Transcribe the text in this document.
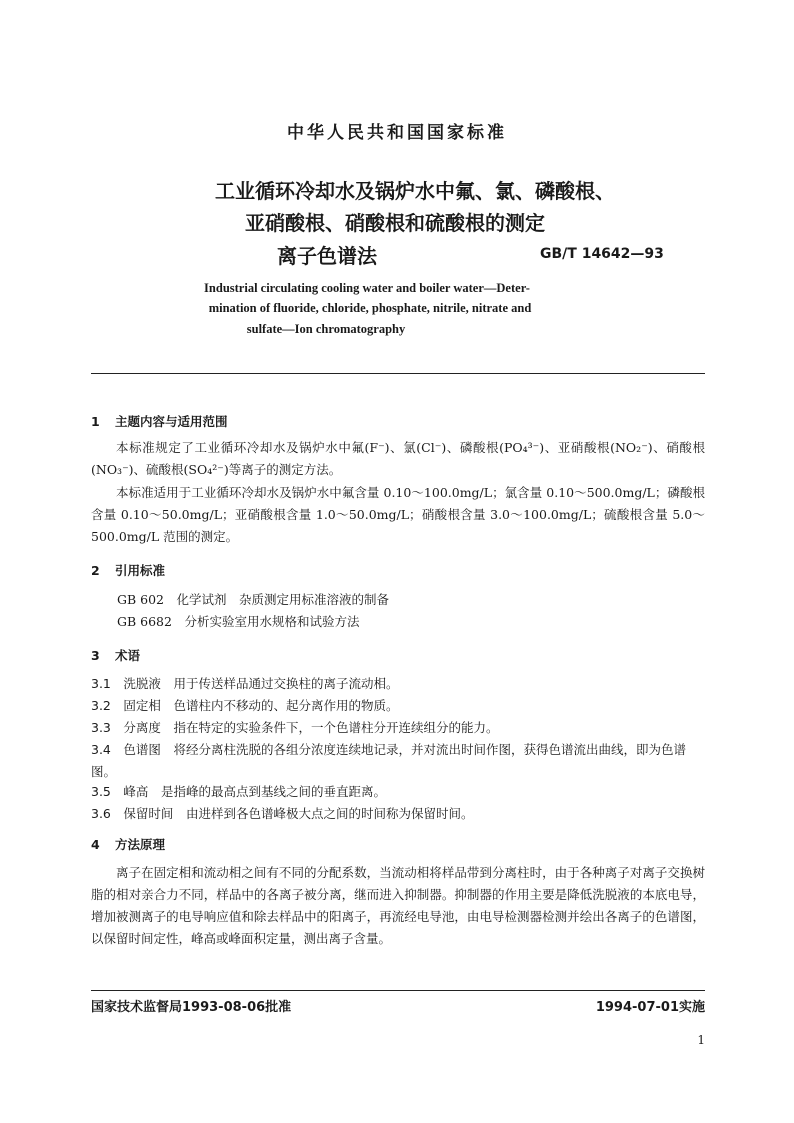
中华人民共和国国家标准
工业循环冷却水及锅炉水中氟、氯、磷酸根、
亚硝酸根、硝酸根和硫酸根的测定
离子色谱法	GB/T 14642—93
Industrial circulating cooling water and boiler water—Deter-
mination of fluoride, chloride, phosphate, nitrile, nitrate and
sulfate—Ion chromatography
1 主题内容与适用范围
本标准规定了工业循环冷却水及锅炉水中氟(F⁻)、氯(Cl⁻)、磷酸根(PO₄³⁻)、亚硝酸根(NO₂⁻)、硝酸根(NO₃⁻)、硫酸根(SO₄²⁻)等离子的测定方法。
本标准适用于工业循环冷却水及锅炉水中氟含量 0.10～100.0mg/L；氯含量 0.10～500.0mg/L；磷酸根含量 0.10～50.0mg/L；亚硝酸根含量 1.0～50.0mg/L；硝酸根含量 3.0～100.0mg/L；硫酸根含量 5.0～500.0mg/L 范围的测定。
2 引用标准
GB 602　化学试剂　杂质测定用标准溶液的制备
GB 6682　分析实验室用水规格和试验方法
3 术语
3.1　 洗脱液　 用于传送样品通过交换柱的离子流动相。
3.2　 固定相　 色谱柱内不移动的、起分离作用的物质。
3.3　 分离度　 指在特定的实验条件下，一个色谱柱分开连续组分的能力。
3.4　 色谱图　 将经分离柱洗脱的各组分浓度连续地记录，并对流出时间作图，获得色谱流出曲线，即为色谱图。
3.5　 峰高　 是指峰的最高点到基线之间的垂直距离。
3.6　 保留时间　 由进样到各色谱峰极大点之间的时间称为保留时间。
4 方法原理
离子在固定相和流动相之间有不同的分配系数，当流动相将样品带到分离柱时，由于各种离子对离子交换树脂的相对亲合力不同，样品中的各离子被分离，继而进入抑制器。抑制器的作用主要是降低洗脱液的本底电导，增加被测离子的电导响应值和除去样品中的阳离子，再流经电导池，由电导检测器检测并绘出各离子的色谱图，以保留时间定性，峰高或峰面积定量，测出离子含量。
国家技术监督局1993-08-06批准	1994-07-01实施
1
